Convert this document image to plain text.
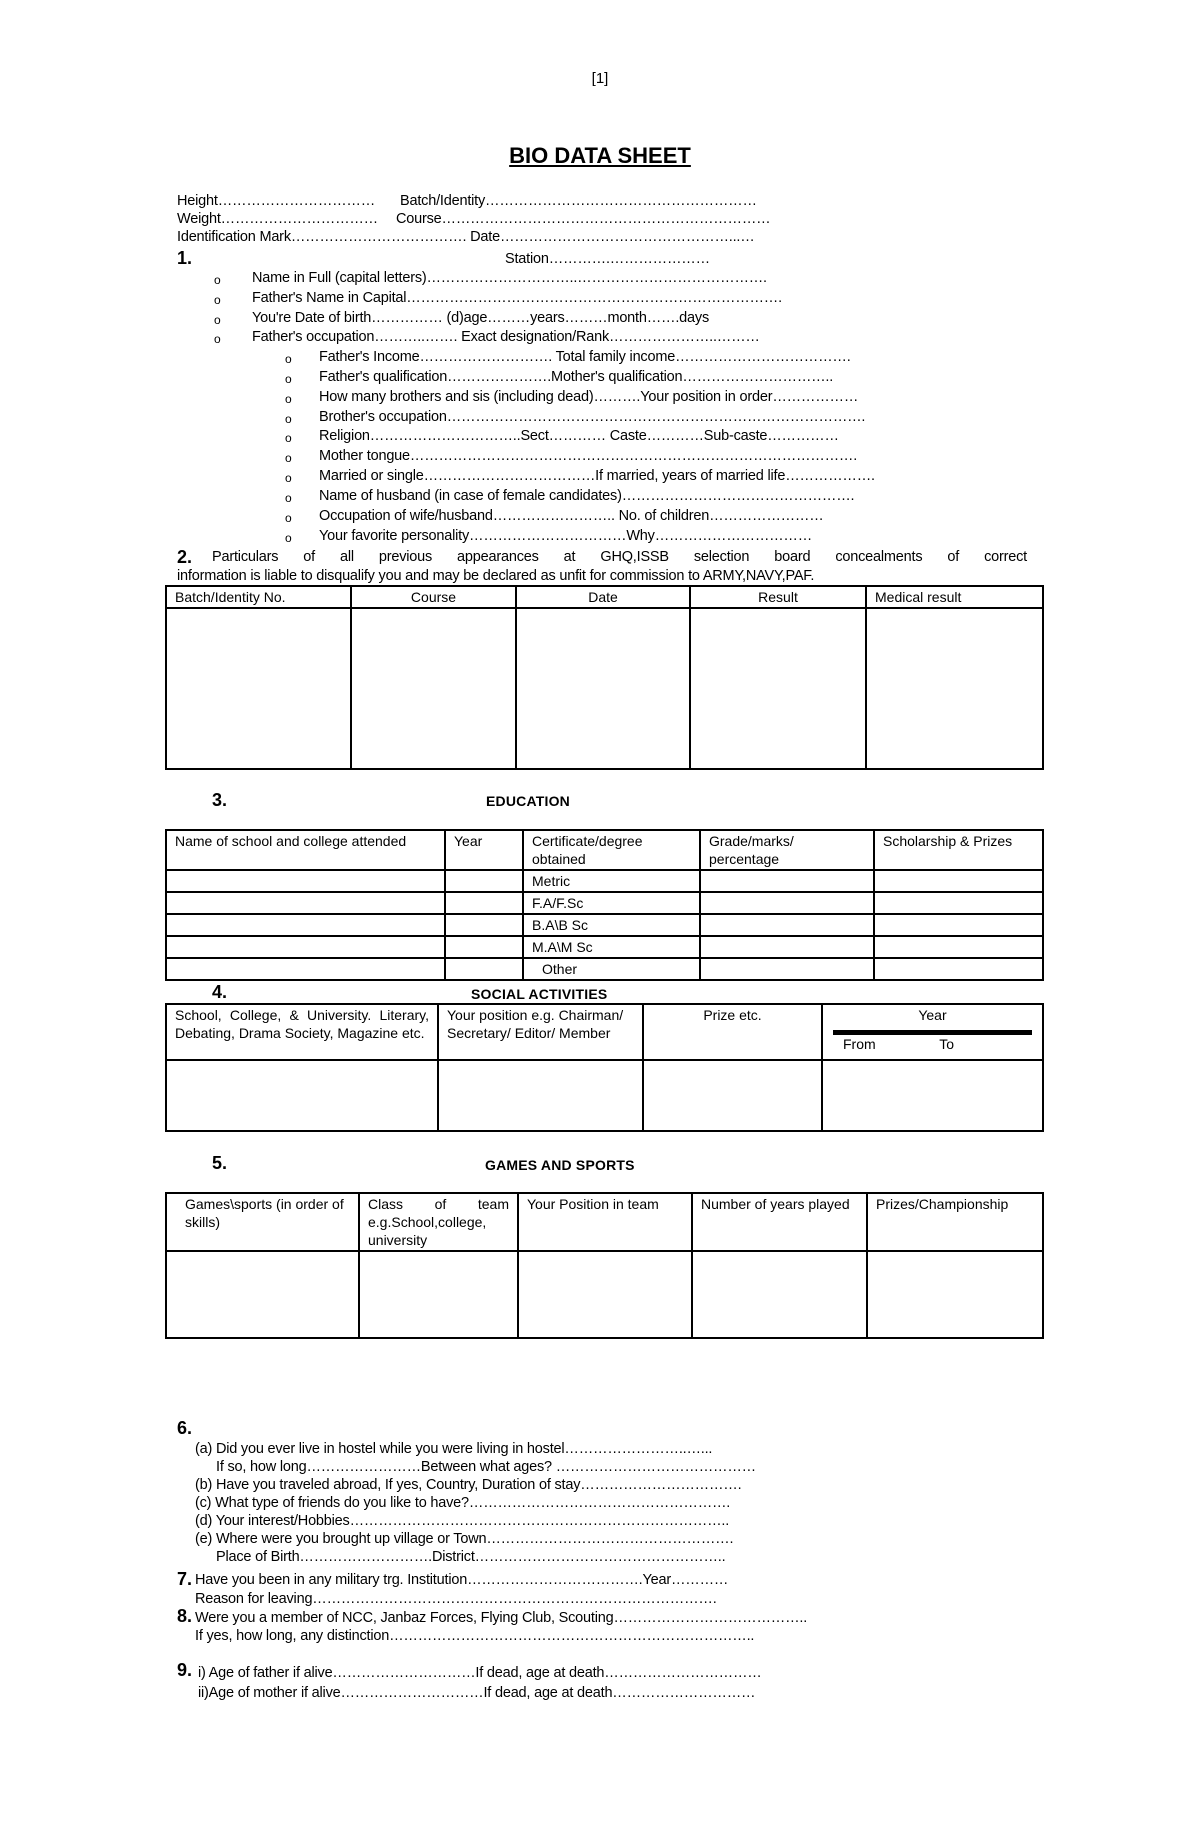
[1]
BIO DATA SHEET
Height…………………………… Batch/Identity…………………………………………………
Weight…………………………… Course……………………………………………………………
Identification Mark………………………………. Date…………………………………………...…
1.	Station………….…………………
o Name in Full (capital letters)…………………………..………………………………….
o Father's Name in Capital…………………………………………………………………….
o You're Date of birth…………… (d)age………years………month…….days
o Father's occupation………..……. Exact designation/Rank…………………..………
o Father's Income………………………. Total family income……………………………….
o Father's qualification………………….Mother's qualification…………………………..
o How many brothers and sis (including dead)……….Your position in order………………
o Brother's occupation…………………………………………………………………………….
o Religion…………………………..Sect………… Caste…………Sub-caste……………
o Mother tongue………………………………………………………………………………….
o Married or single………………………………If married, years of married life……………….
o Name of husband (in case of female candidates)………………………………………….
o Occupation of wife/husband…………………….. No. of children……………………
o Your favorite personality……………………………Why……………………………
2. Particulars of all previous appearances at GHQ,ISSB selection board concealments of correct
information is liable to disqualify you and may be declared as unfit for commission to ARMY,NAVY,PAF.
Batch/Identity No.	Course	Date	Result	Medical result

3.	EDUCATION
Name of school and college attended	Year	Certificate/degree obtained	Grade/marks/ percentage	Scholarship & Prizes
		Metric		
		F.A/F.Sc		
		B.A\B Sc		
		M.A\M Sc		
		Other		
4.	SOCIAL ACTIVITIES
School, College, & University. Literary, Debating, Drama Society, Magazine etc.	Your position e.g. Chairman/ Secretary/ Editor/ Member	Prize etc.	Year
From To

5.	GAMES AND SPORTS
Games\sports (in order of skills)	Class of team e.g.School,college, university	Your Position in team	Number of years played	Prizes/Championship

6.
(a) Did you ever live in hostel while you were living in hostel……………………..…...
If so, how long……………………Between what ages? ……………………………………
(b) Have you traveled abroad, If yes, Country, Duration of stay…………………………….
(c) What type of friends do you like to have?……………………………………………….
(d) Your interest/Hobbies……………………………………………………………………..
(e) Where were you brought up village or Town…………………………………………….
Place of Birth……………………….District……………………………………………..
7. Have you been in any military trg. Institution……………………………….Year…………
Reason for leaving………………………………………………………………………….
8. Were you a member of NCC, Janbaz Forces, Flying Club, Scouting…………………………………..
If yes, how long, any distinction…………………………………………………………………..
9. i) Age of father if alive…………………………If dead, age at death……………………………
ii)Age of mother if alive…………………………If dead, age at death…………………………
